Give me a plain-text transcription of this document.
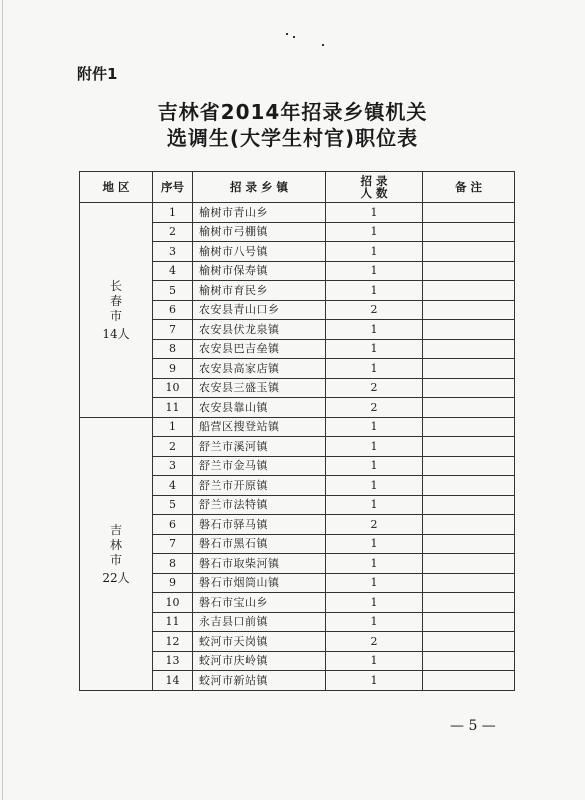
附件1
吉林省2014年招录乡镇机关
选调生(大学生村官)职位表
地 区	序号	招 录 乡 镇	招 录 人 数	备 注
长春市
14人	1	榆树市青山乡	1	
	2	榆树市弓棚镇	1	
	3	榆树市八号镇	1	
	4	榆树市保寿镇	1	
	5	榆树市育民乡	1	
	6	农安县青山口乡	2	
	7	农安县伏龙泉镇	1	
	8	农安县巴吉垒镇	1	
	9	农安县高家店镇	1	
	10	农安县三盛玉镇	2	
	11	农安县靠山镇	2	
吉林市
22人	1	船营区搜登站镇	1	
	2	舒兰市溪河镇	1	
	3	舒兰市金马镇	1	
	4	舒兰市开原镇	1	
	5	舒兰市法特镇	1	
	6	磐石市驿马镇	2	
	7	磐石市黑石镇	1	
	8	磐石市取柴河镇	1	
	9	磐石市烟筒山镇	1	
	10	磐石市宝山乡	1	
	11	永吉县口前镇	1	
	12	蛟河市天岗镇	2	
	13	蛟河市庆岭镇	1	
	14	蛟河市新站镇	1	
— 5 —
